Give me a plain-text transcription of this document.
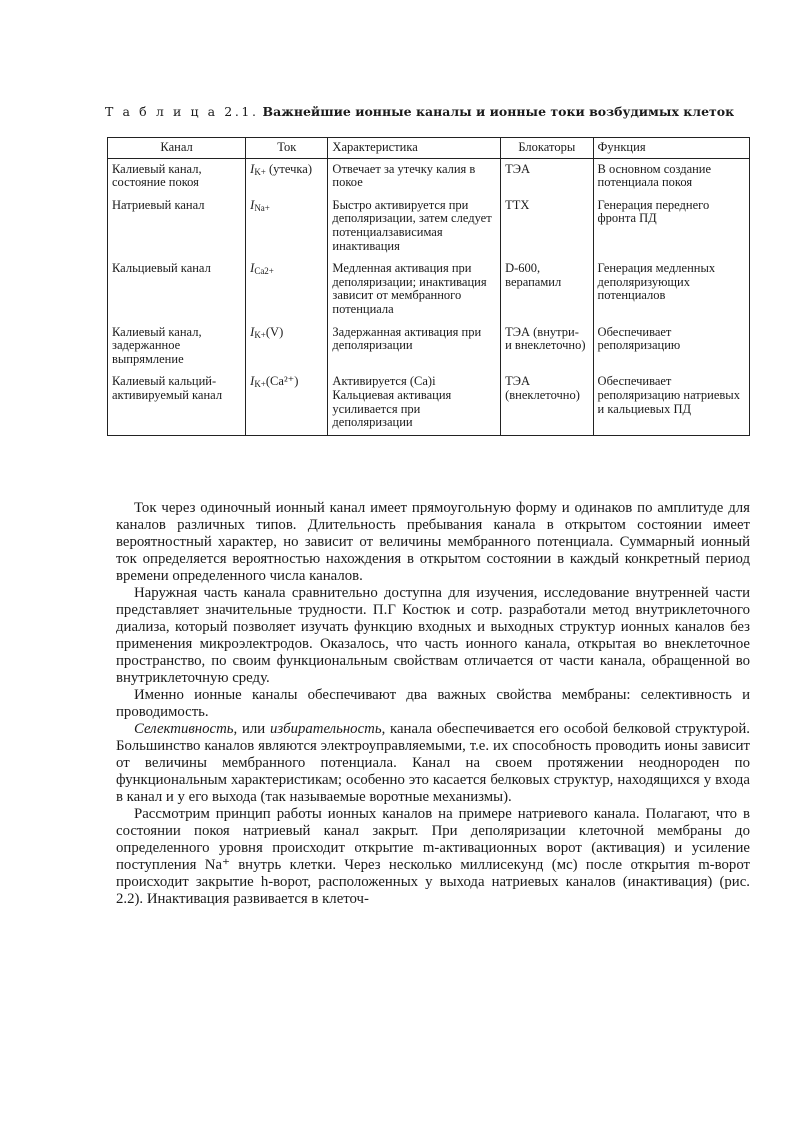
Т а б л и ц а 2.1. Важнейшие ионные каналы и ионные токи возбудимых клеток
Канал	Ток	Характеристика	Блокаторы	Функция
Калиевый канал, состояние покоя	$I_{K+}$ (утечка)	Отвечает за утечку калия в покое	ТЭА	В основном создание потенциала покоя
Натриевый канал	$I_{Na+}$	Быстро активируется при деполяризации, затем следует потенциалзависимая инактивация	ТТХ	Генерация переднего фронта ПД
Кальциевый канал	$I_{Ca2+}$	Медленная активация при деполяризации; инактивация зависит от мембранного потенциала	D-600, верапамил	Генерация медленных деполяризующих потенциалов
Калиевый канал, задержанное выпрямление	$I_{K+}(V)$	Задержанная активация при деполяризации	ТЭА (внутри- и внеклеточно)	Обеспечивает реполяризацию
Калиевый кальций-активируемый канал	$I_{K+}(Ca^{2+})$	Активируется (Са)i Кальциевая активация усиливается при деполяризации	ТЭА (внеклеточно)	Обеспечивает реполяризацию натриевых и кальциевых ПД

Ток через одиночный ионный канал имеет прямоугольную форму и одинаков по амплитуде для каналов различных типов. Длительность пребывания канала в открытом состоянии имеет вероятностный характер, но зависит от величины мембранного потенциала. Суммарный ионный ток определяется вероятностью нахождения в открытом состоянии в каждый конкретный период времени определенного числа каналов.

Наружная часть канала сравнительно доступна для изучения, исследование внутренней части представляет значительные трудности. П.Г Костюк и сотр. разработали метод внутриклеточного диализа, который позволяет изучать функцию входных и выходных структур ионных каналов без применения микроэлектродов. Оказалось, что часть ионного канала, открытая во внеклеточное пространство, по своим функциональным свойствам отличается от части канала, обращенной во внутриклеточную среду.

Именно ионные каналы обеспечивают два важных свойства мембраны: селективность и проводимость.

Селективность, или избирательность, канала обеспечивается его особой белковой структурой. Большинство каналов являются электроуправляемыми, т.е. их способность проводить ионы зависит от величины мембранного потенциала. Канал на своем протяжении неоднороден по функциональным характеристикам; особенно это касается белковых структур, находящихся у входа в канал и у его выхода (так называемые воротные механизмы).

Рассмотрим принцип работы ионных каналов на примере натриевого канала. Полагают, что в состоянии покоя натриевый канал закрыт. При деполяризации клеточной мембраны до определенного уровня происходит открытие m-активационных ворот (активация) и усиление поступления Na⁺ внутрь клетки. Через несколько миллисекунд (мс) после открытия m-ворот происходит закрытие h-ворот, расположенных у выхода натриевых каналов (инактивация) (рис. 2.2). Инактивация развивается в клеточ-
